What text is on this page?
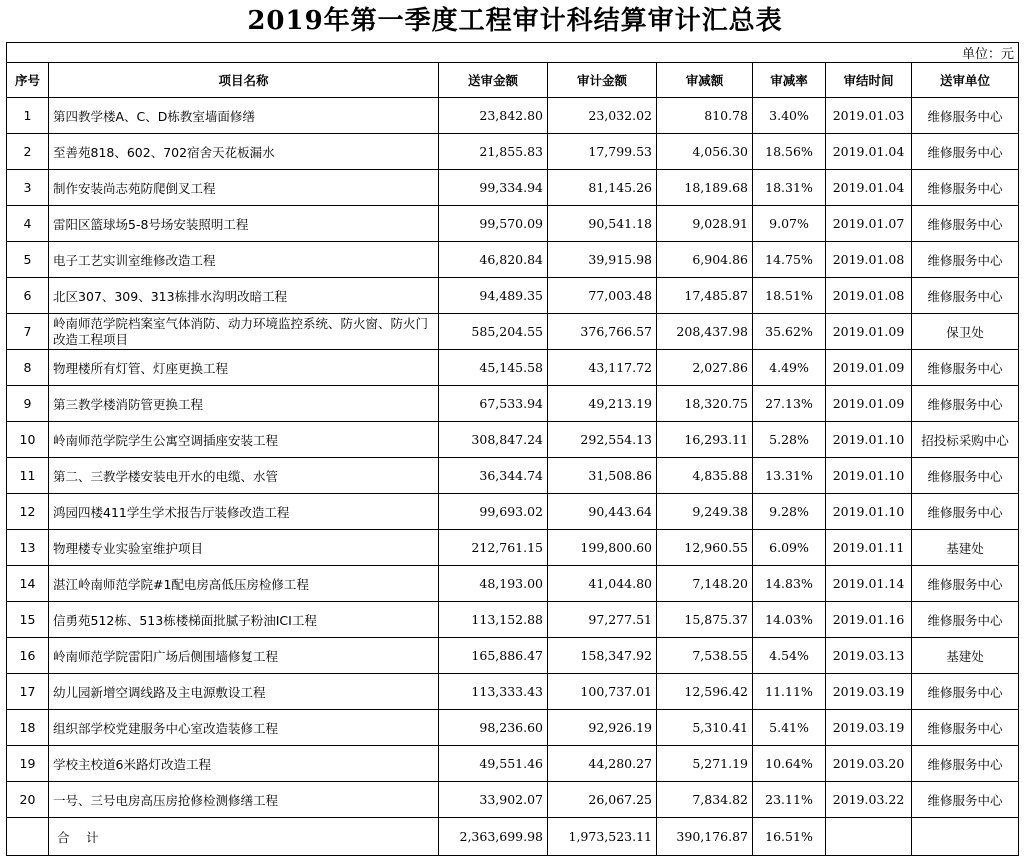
2019年第一季度工程审计科结算审计汇总表
单位：元							
序号	项目名称	送审金额	审计金额	审减额	审减率	审结时间	送审单位
1	第四教学楼A、C、D栋教室墙面修缮	23,842.80	23,032.02	810.78	3.40%	2019.01.03	维修服务中心
2	至善苑818、602、702宿舍天花板漏水	21,855.83	17,799.53	4,056.30	18.56%	2019.01.04	维修服务中心
3	制作安装尚志苑防爬倒叉工程	99,334.94	81,145.26	18,189.68	18.31%	2019.01.04	维修服务中心
4	雷阳区篮球场5-8号场安装照明工程	99,570.09	90,541.18	9,028.91	9.07%	2019.01.07	维修服务中心
5	电子工艺实训室维修改造工程	46,820.84	39,915.98	6,904.86	14.75%	2019.01.08	维修服务中心
6	北区307、309、313栋排水沟明改暗工程	94,489.35	77,003.48	17,485.87	18.51%	2019.01.08	维修服务中心
7	岭南师范学院档案室气体消防、动力环境监控系统、防火窗、防火门改造工程项目	585,204.55	376,766.57	208,437.98	35.62%	2019.01.09	保卫处
8	物理楼所有灯管、灯座更换工程	45,145.58	43,117.72	2,027.86	4.49%	2019.01.09	维修服务中心
9	第三教学楼消防管更换工程	67,533.94	49,213.19	18,320.75	27.13%	2019.01.09	维修服务中心
10	岭南师范学院学生公寓空调插座安装工程	308,847.24	292,554.13	16,293.11	5.28%	2019.01.10	招投标采购中心
11	第二、三教学楼安装电开水的电缆、水管	36,344.74	31,508.86	4,835.88	13.31%	2019.01.10	维修服务中心
12	鸿园四楼411学生学术报告厅装修改造工程	99,693.02	90,443.64	9,249.38	9.28%	2019.01.10	维修服务中心
13	物理楼专业实验室维护项目	212,761.15	199,800.60	12,960.55	6.09%	2019.01.11	基建处
14	湛江岭南师范学院#1配电房高低压房检修工程	48,193.00	41,044.80	7,148.20	14.83%	2019.01.14	维修服务中心
15	信勇苑512栋、513栋楼梯面批腻子粉油ICI工程	113,152.88	97,277.51	15,875.37	14.03%	2019.01.16	维修服务中心
16	岭南师范学院雷阳广场后侧围墙修复工程	165,886.47	158,347.92	7,538.55	4.54%	2019.03.13	基建处
17	幼儿园新增空调线路及主电源敷设工程	113,333.43	100,737.01	12,596.42	11.11%	2019.03.19	维修服务中心
18	组织部学校党建服务中心室改造装修工程	98,236.60	92,926.19	5,310.41	5.41%	2019.03.19	维修服务中心
19	学校主校道6米路灯改造工程	49,551.46	44,280.27	5,271.19	10.64%	2019.03.20	维修服务中心
20	一号、三号电房高压房抢修检测修缮工程	33,902.07	26,067.25	7,834.82	23.11%	2019.03.22	维修服务中心
	合　计	2,363,699.98	1,973,523.11	390,176.87	16.51%		
